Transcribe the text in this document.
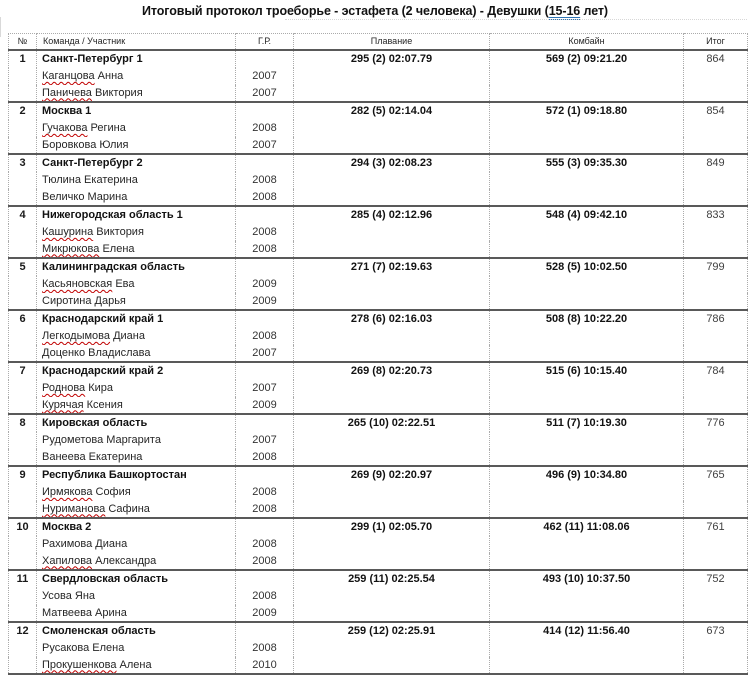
Итоговый протокол троеборье - эстафета (2 человека) - Девушки (15-16 лет)
№	Команда / Участник	Г.Р.	Плавание	Комбайн	Итог
1	Санкт-Петербург 1		295 (2) 02:07.79	569 (2) 09:21.20	864
	Каганцова Анна	2007			
	Паничева Виктория	2007			
2	Москва 1		282 (5) 02:14.04	572 (1) 09:18.80	854
	Гучакова Регина	2008			
	Боровкова Юлия	2007			
3	Санкт-Петербург 2		294 (3) 02:08.23	555 (3) 09:35.30	849
	Тюлина Екатерина	2008			
	Величко Марина	2008			
4	Нижегородская область 1		285 (4) 02:12.96	548 (4) 09:42.10	833
	Кашурина Виктория	2008			
	Микрюкова Елена	2008			
5	Калининградская область		271 (7) 02:19.63	528 (5) 10:02.50	799
	Касьяновская Ева	2009			
	Сиротина Дарья	2009			
6	Краснодарский край 1		278 (6) 02:16.03	508 (8) 10:22.20	786
	Легкодымова Диана	2008			
	Доценко Владислава	2007			
7	Краснодарский край 2		269 (8) 02:20.73	515 (6) 10:15.40	784
	Роднова Кира	2007			
	Курячая Ксения	2009			
8	Кировская область		265 (10) 02:22.51	511 (7) 10:19.30	776
	Рудометова Маргарита	2007			
	Ванеева Екатерина	2008			
9	Республика Башкортостан		269 (9) 02:20.97	496 (9) 10:34.80	765
	Ирмякова София	2008			
	Нуриманова Сафина	2008			
10	Москва 2		299 (1) 02:05.70	462 (11) 11:08.06	761
	Рахимова Диана	2008			
	Хапилова Александра	2008			
11	Свердловская область		259 (11) 02:25.54	493 (10) 10:37.50	752
	Усова Яна	2008			
	Матвеева Арина	2009			
12	Смоленская область		259 (12) 02:25.91	414 (12) 11:56.40	673
	Русакова Елена	2008			
	Прокушенкова Алена	2010			
